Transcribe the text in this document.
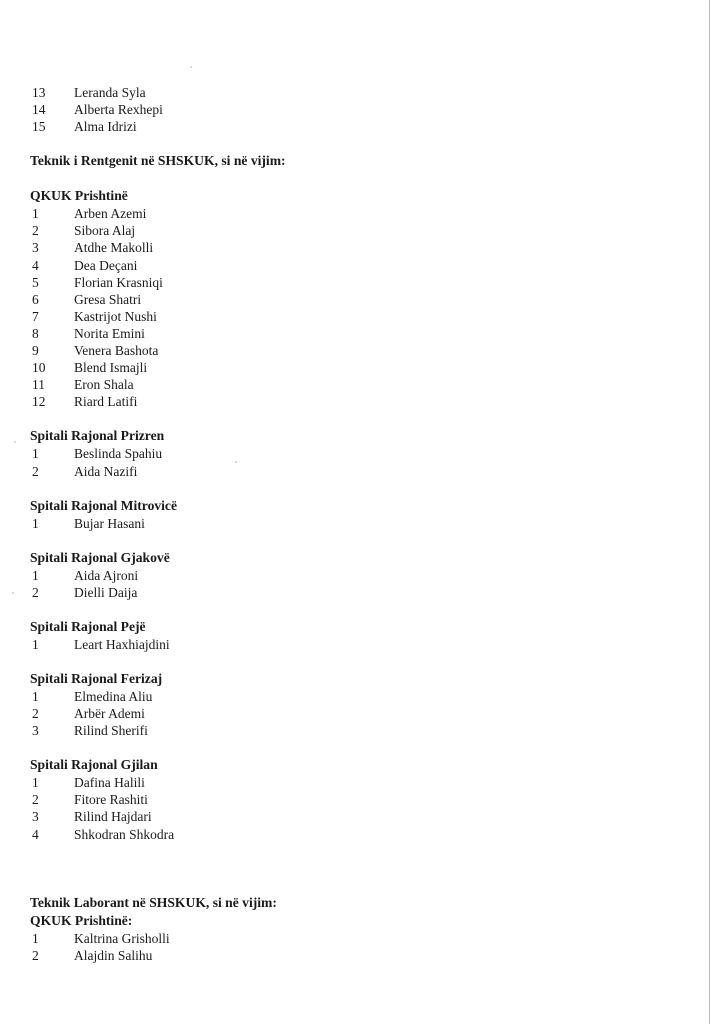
13 Leranda Syla
14 Alberta Rexhepi
15 Alma Idrizi
Teknik i Rentgenit në SHSKUK, si në vijim:
QKUK Prishtinë
1	Arben Azemi
2	Sibora Alaj
3	Atdhe Makolli
4	Dea Deçani
5	Florian Krasniqi
6	Gresa Shatri
7	Kastrijot Nushi
8	Norita Emini
9	Venera Bashota
10 Blend Ismajli
11 Eron Shala
12 Riard Latifi
Spitali Rajonal Prizren
1	Beslinda Spahiu
2	Aida Nazifi
Spitali Rajonal Mitrovicë
1	Bujar Hasani
Spitali Rajonal Gjakovë
1	Aida Ajroni
2	Dielli Daija
Spitali Rajonal Pejë
1	Leart Haxhiajdini
Spitali Rajonal Ferizaj
1	Elmedina Aliu
2	Arbër Ademi
3	Rilind Sherifi
Spitali Rajonal Gjilan
1	Dafina Halili
2	Fitore Rashiti
3	Rilind Hajdari
4	Shkodran Shkodra
Teknik Laborant në SHSKUK, si në vijim:
QKUK Prishtinë:
1	Kaltrina Grisholli
2	Alajdin Salihu
